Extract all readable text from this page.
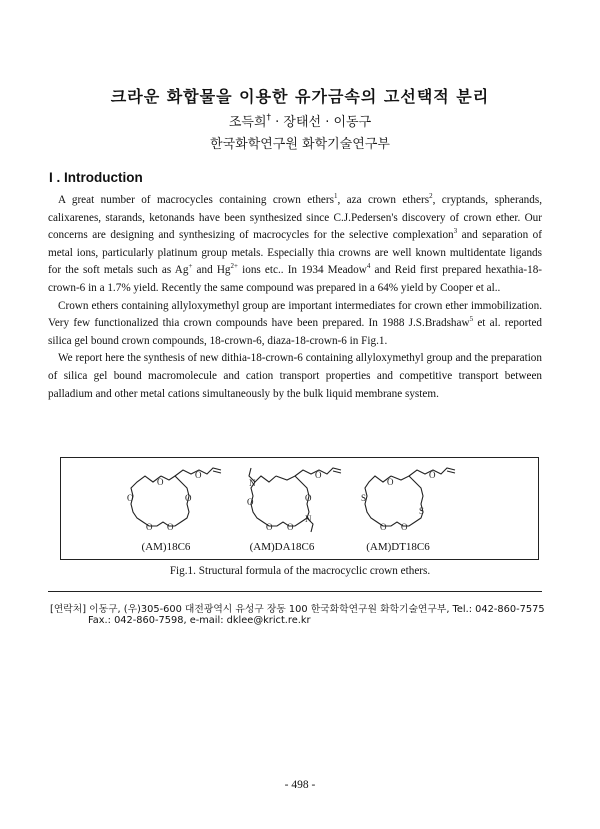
크라운 화합물을 이용한 유가금속의 고선택적 분리
조득희† · 장태선 · 이동구
한국화학연구원 화학기술연구부
I . Introduction

A great number of macrocycles containing crown ethers$^1$, aza crown ethers$^2$, cryptands, spherands, calixarenes, starands, ketonands have been synthesized since C.J.Pedersen's discovery of crown ether. Our concerns are designing and synthesizing of macrocycles for the selective complexation$^3$ and separation of metal ions, particularly platinum group metals. Especially thia crowns are well known multidentate ligands for the soft metals such as Ag+ and $Hg^{2+}$ ions etc.. In 1934 Meadow$^4$ and Reid first prepared hexathia-18-crown-6 in a 1.7% yield. Recently the same compound was prepared in a 64% yield by Cooper et al..

Crown ethers containing allyloxymethyl group are important intermediates for crown ether immobilization. Very few functionalized thia crown compounds have been prepared. In 1988 J.S.Bradshaw$^5$ et al. reported silica gel bound crown compounds, 18-crown-6, diaza-18-crown-6 in Fig.1.

We report here the synthesis of new dithia-18-crown-6 containing allyloxymethyl group and the preparation of silica gel bound macromolecule and cation transport properties and competitive transport between palladium and other metal cations simultaneously by the bulk liquid membrane system.

O	O
O O
O
O
N
N
O	O
O O
O
S
S
O O
O
O
(AM)18C6	(AM)DA18C6	(AM)DT18C6
Fig.1. Structural formula of the macrocyclic crown ethers.
[연락처] 이동구, (우)305-600 대전광역시 유성구 장동 100 한국화학연구원 화학기술연구부, Tel.: 042-860-7575
Fax.: 042-860-7598, e-mail: dklee@krict.re.kr
- 498 -
